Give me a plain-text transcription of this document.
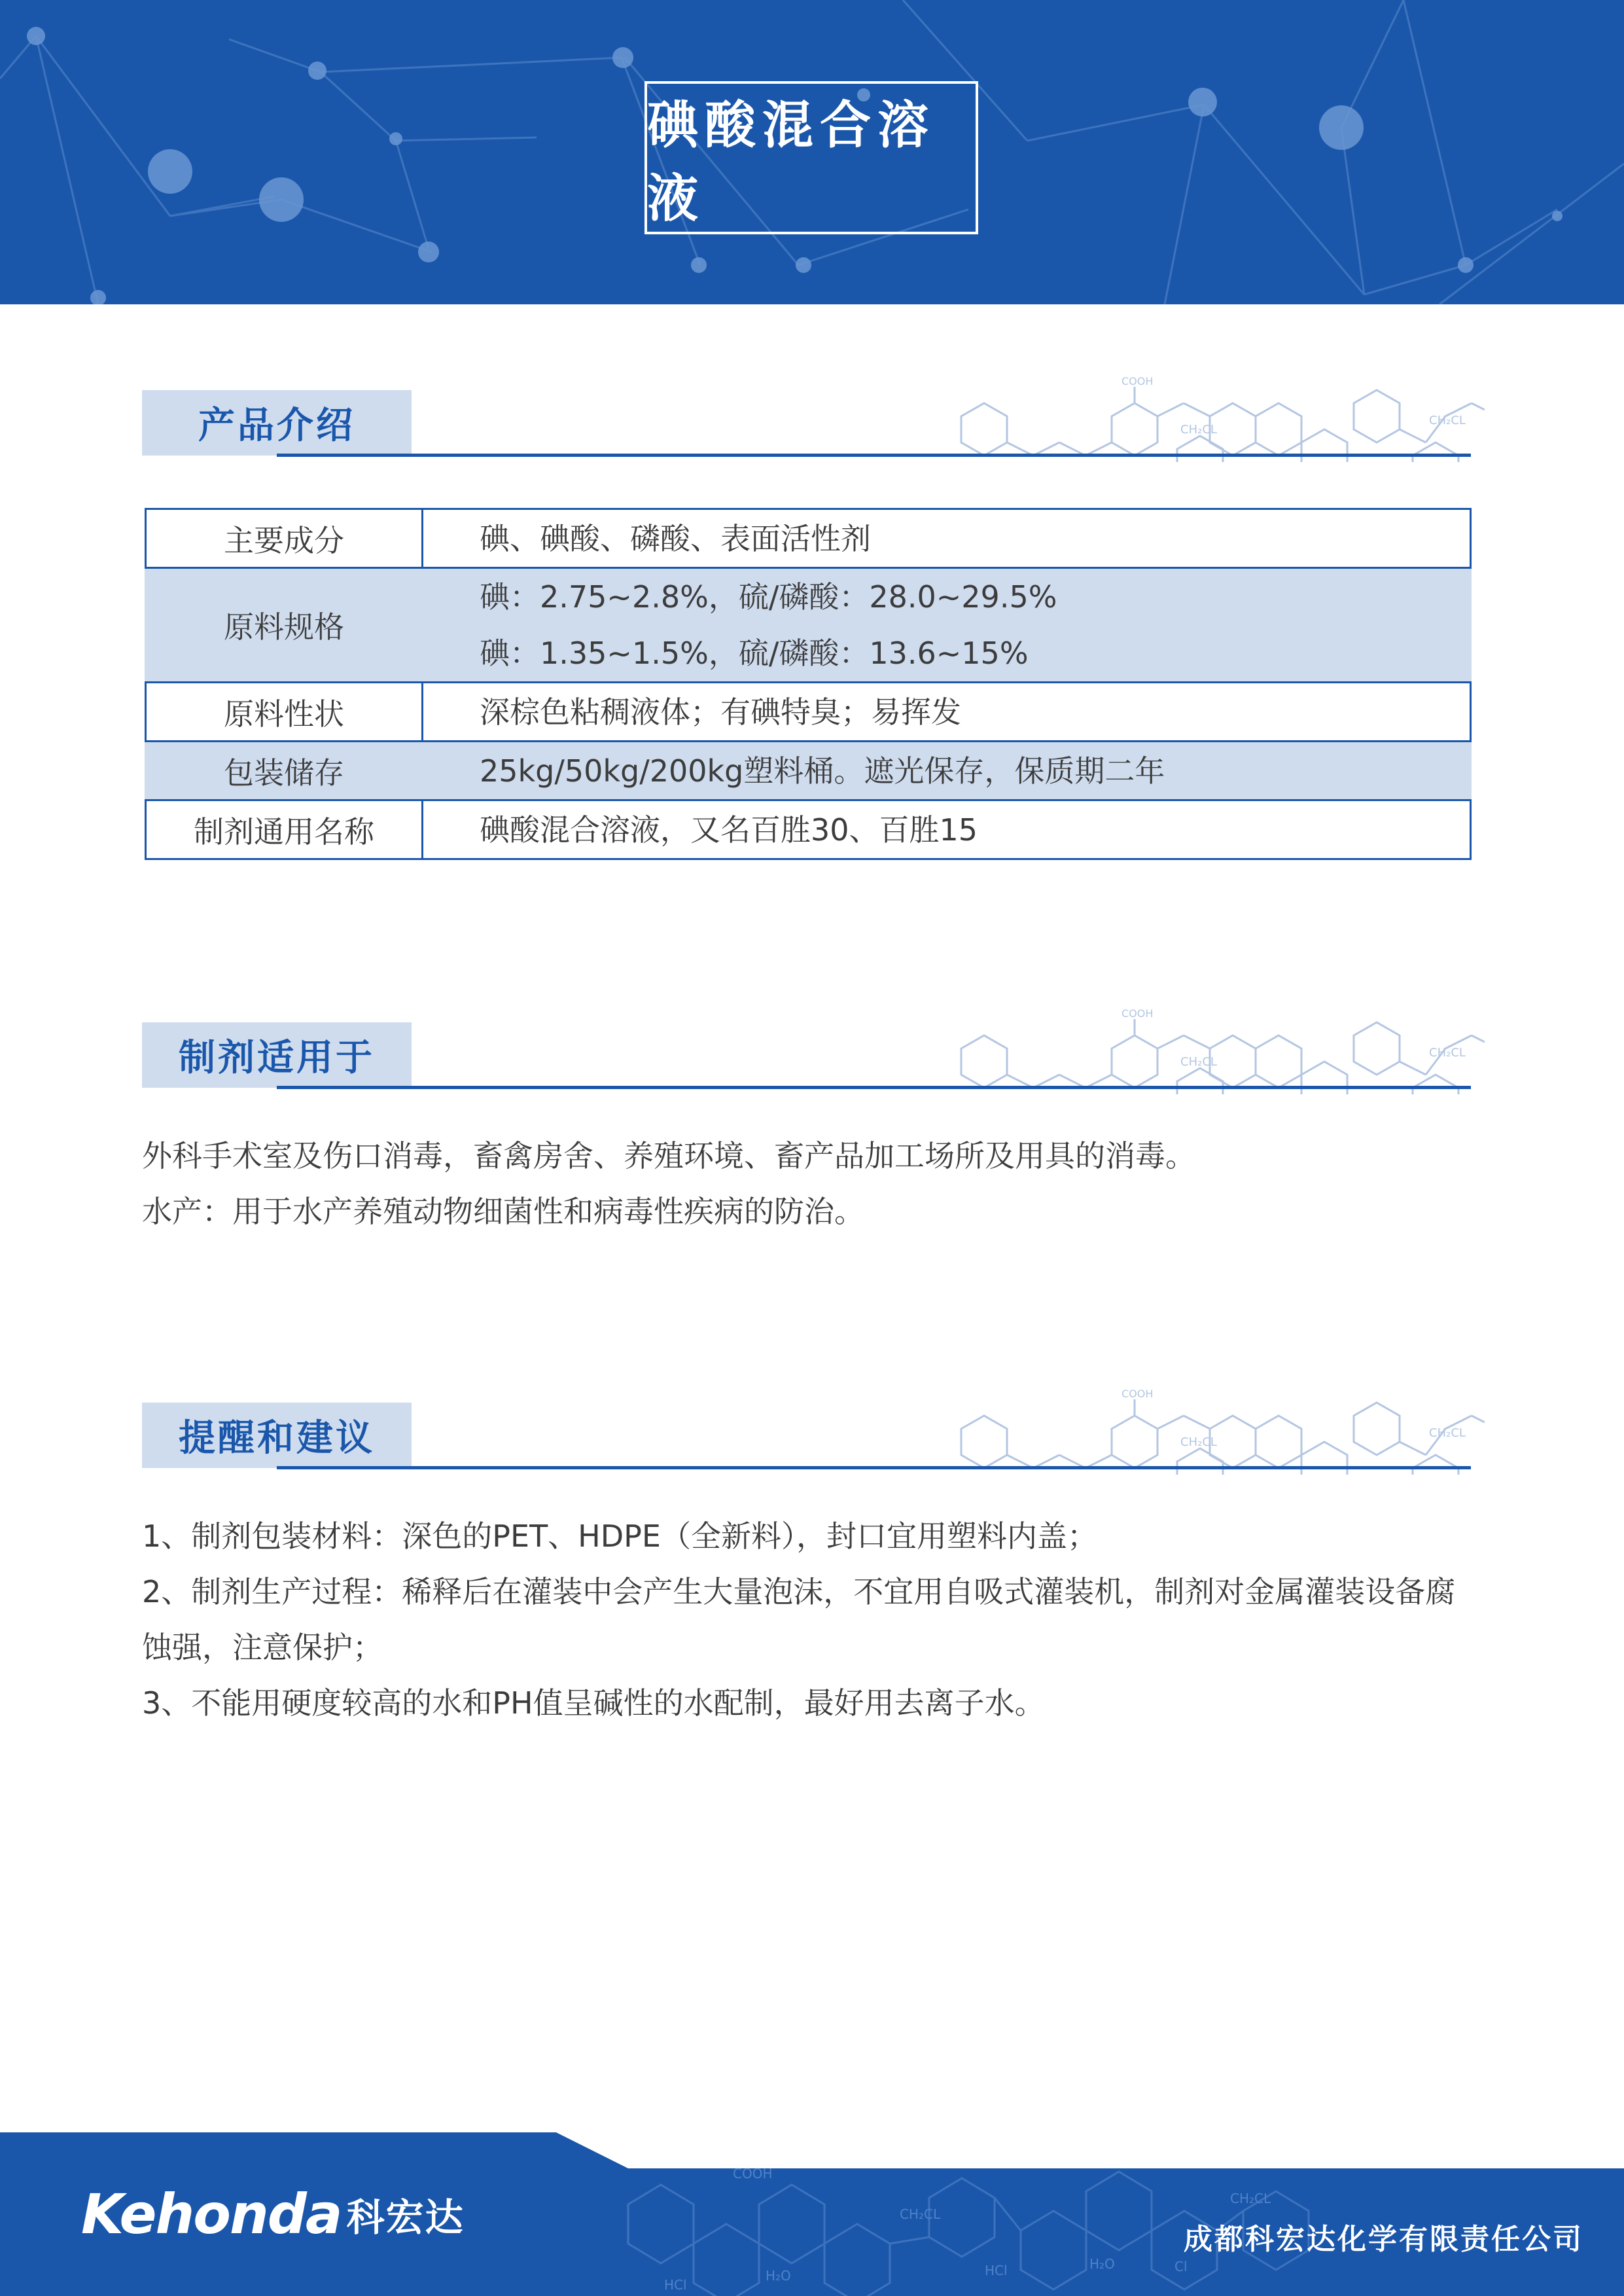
碘酸混合溶液
COOH
CH₂CL
CH₂CL
产品介绍
主要成分	碘、碘酸、磷酸、表面活性剂
原料规格	碘：2.75~2.8%，硫/磷酸：28.0~29.5%
碘：1.35~1.5%，硫/磷酸：13.6~15%

原料性状	深棕色粘稠液体；有碘特臭；易挥发
包装储存	25kg/50kg/200kg塑料桶。遮光保存，保质期二年
制剂通用名称	碘酸混合溶液，又名百胜30、百胜15
COOH
CH₂CL
CH₂CL
制剂适用于
外科手术室及伤口消毒，畜禽房舍、养殖环境、畜产品加工场所及用具的消毒。
水产：用于水产养殖动物细菌性和病毒性疾病的防治。
COOH
CH₂CL
CH₂CL
提醒和建议
1、制剂包装材料：深色的PET、HDPE（全新料），封口宜用塑料内盖；
2、制剂生产过程：稀释后在灌装中会产生大量泡沫，不宜用自吸式灌装机，制剂对金属灌装设备腐蚀强，注意保护；
3、不能用硬度较高的水和PH值呈碱性的水配制，最好用去离子水。
COOH
CH₂CL
CH₂CL
H₂O
H₂O
HCl
HCl	Cl
Kehonda 科宏达	成都科宏达化学有限责任公司
